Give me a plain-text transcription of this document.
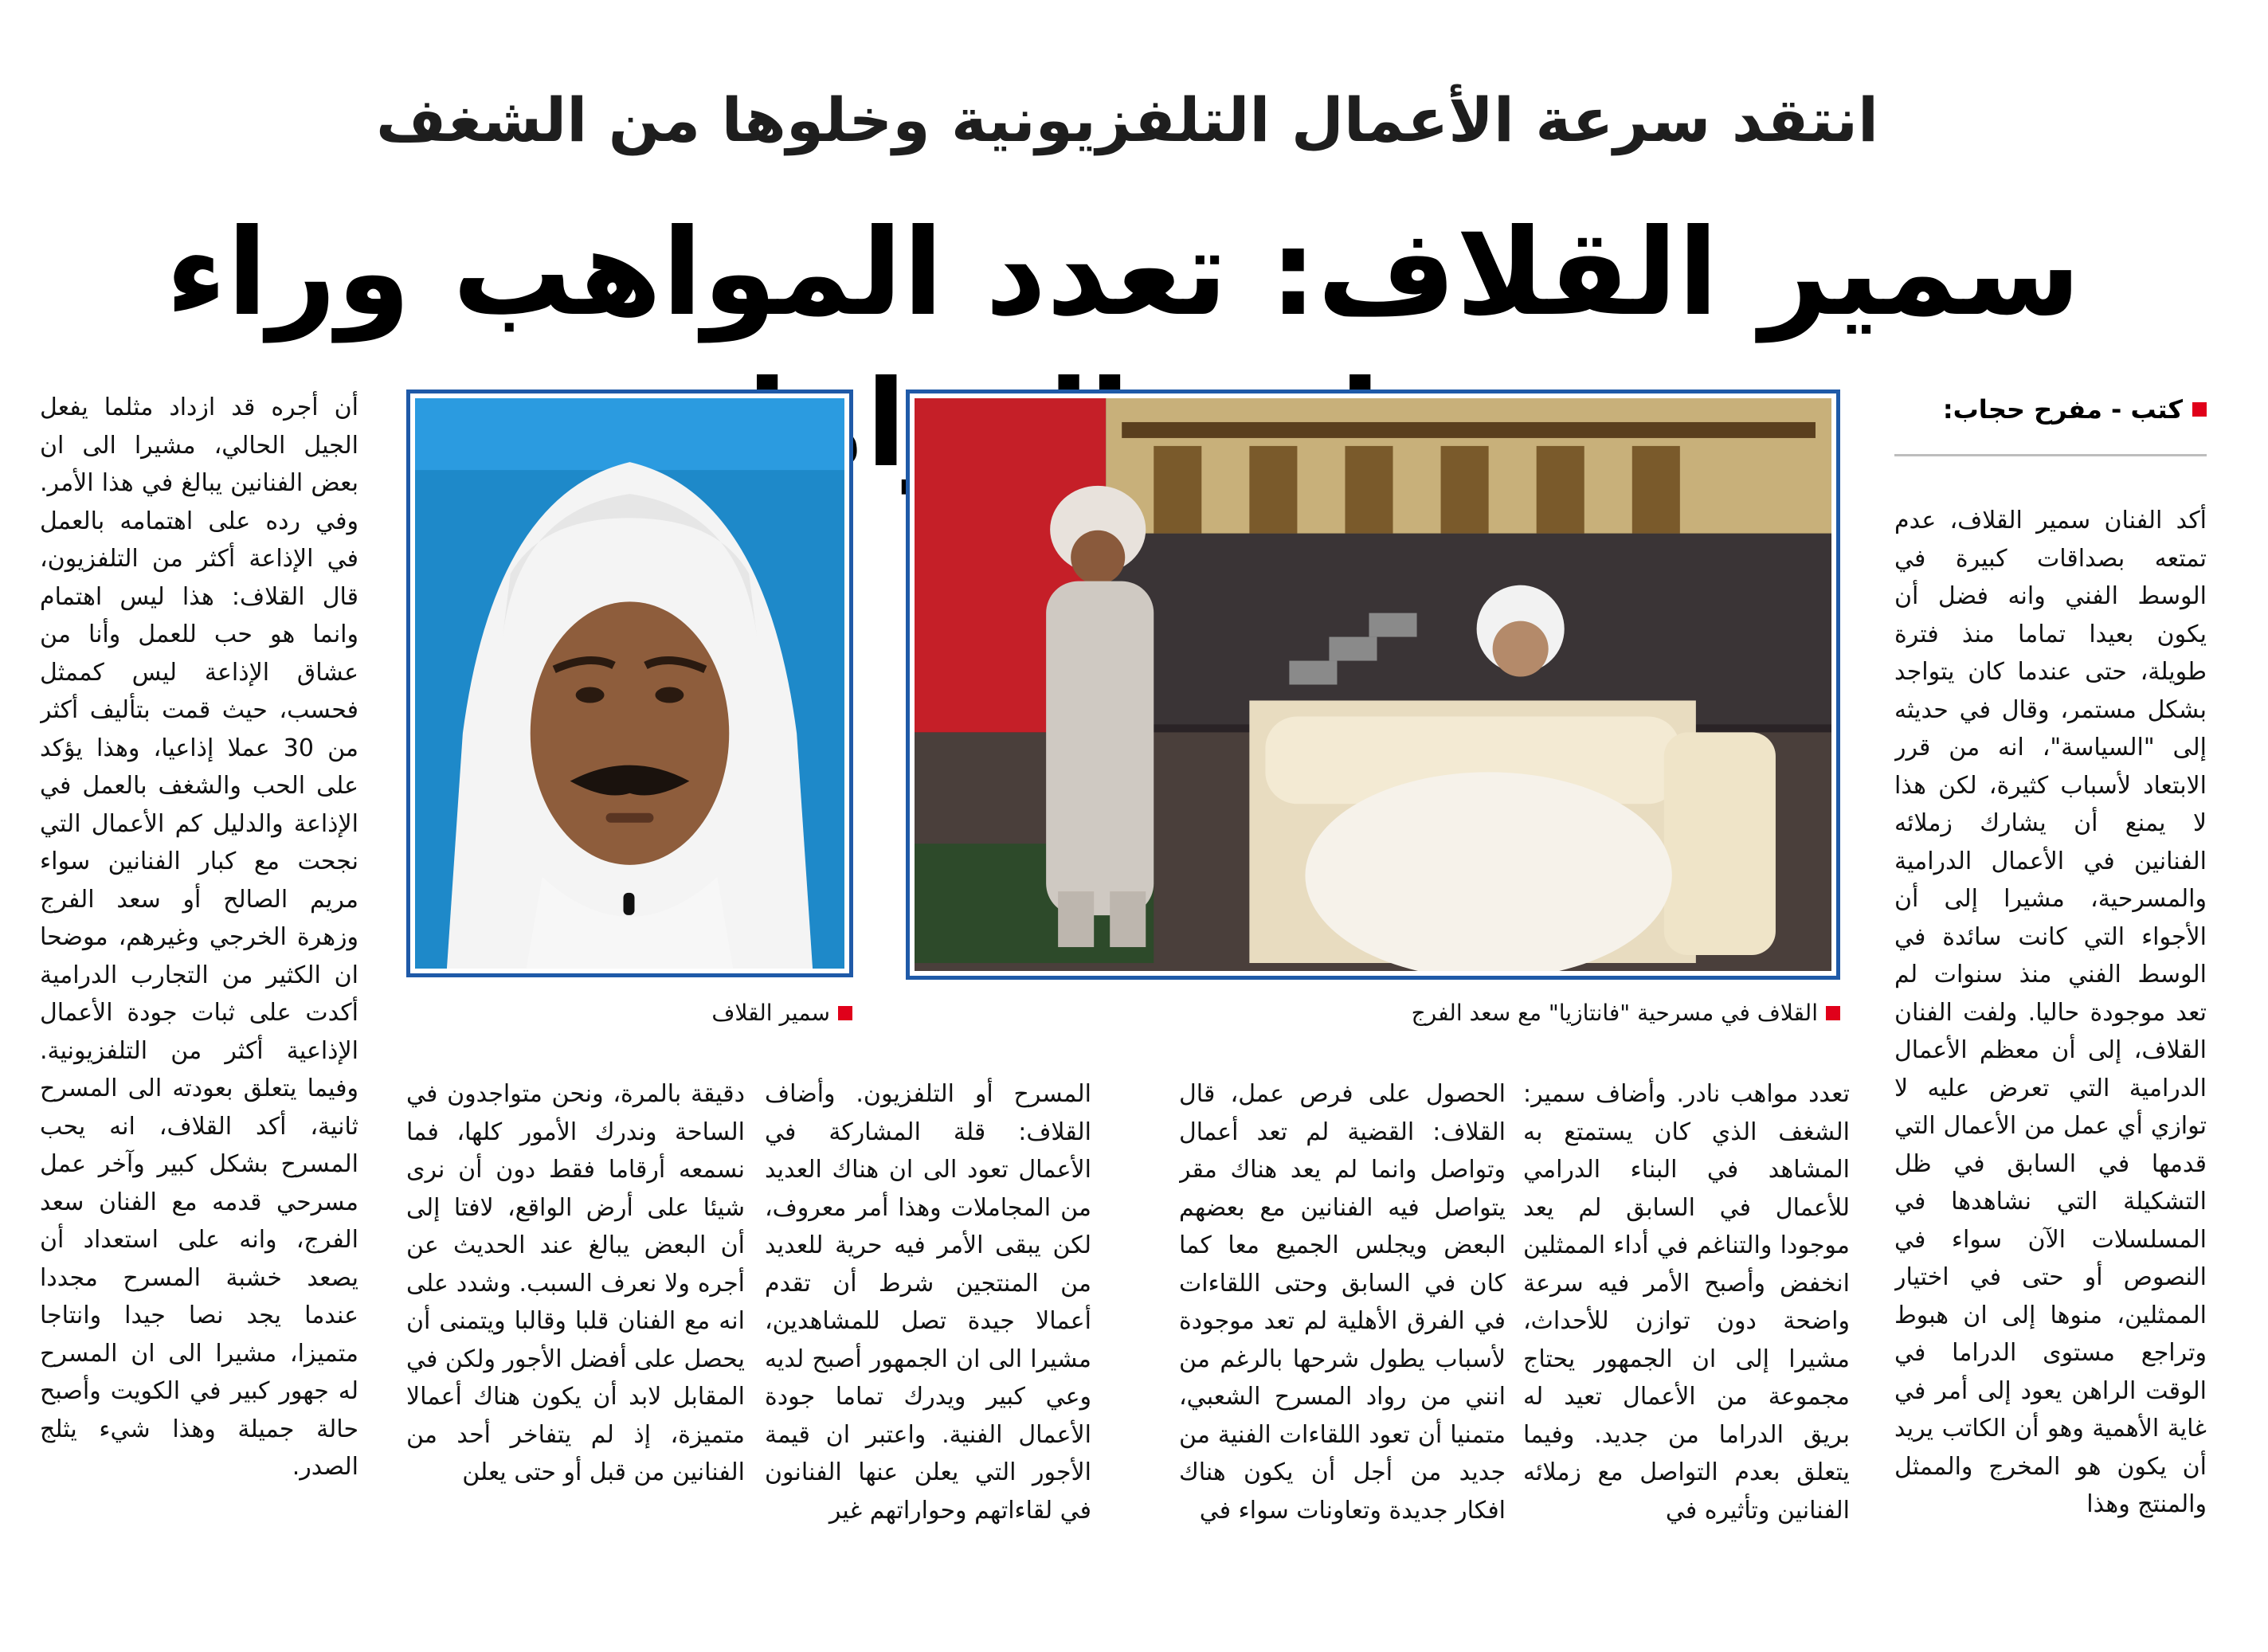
انتقد سرعة الأعمال التلفزيونية وخلوها من الشغف
سمير القلاف: تعدد المواهب وراء
كتب - مفرح حجاب:
القلاف في مسرحية "فانتازيا" مع سعد الفرج
سمير القلاف

أكد الفنان سمير القلاف، عدم تمتعه بصداقات كبيرة في الوسط الفني وانه فضل أن يكون بعيدا تماما منذ فترة طويلة، حتى عندما كان يتواجد بشكل مستمر، وقال في حديثه إلى "السياسة"، انه من قرر الابتعاد لأسباب كثيرة، لكن هذا لا يمنع أن يشارك زملائه الفنانين في الأعمال الدرامية والمسرحية، مشيرا إلى أن الأجواء التي كانت سائدة في الوسط الفني منذ سنوات لم تعد موجودة حاليا. ولفت الفنان القلاف، إلى أن معظم الأعمال الدرامية التي تعرض عليه لا توازي أي عمل من الأعمال التي قدمها في السابق في ظل التشكيلة التي نشاهدها في المسلسلات الآن سواء في النصوص أو حتى في اختيار الممثلين، منوها إلى ان هبوط وتراجع مستوى الدراما في الوقت الراهن يعود إلى أمر في غاية الأهمية وهو أن الكاتب يريد أن يكون هو المخرج والممثل والمنتج وهذا

تعدد مواهب نادر. وأضاف سمير: الشغف الذي كان يستمتع به المشاهد في البناء الدرامي للأعمال في السابق لم يعد موجودا والتناغم في أداء الممثلين انخفض وأصبح الأمر فيه سرعة واضحة دون توازن للأحداث، مشيرا إلى ان الجمهور يحتاج مجموعة من الأعمال تعيد له بريق الدراما من جديد. وفيما يتعلق بعدم التواصل مع زملائه الفنانين وتأثيره في

الحصول على فرص عمل، قال القلاف: القضية لم تعد أعمال وتواصل وانما لم يعد هناك مقر يتواصل فيه الفنانين مع بعضهم البعض ويجلس الجميع معا كما كان في السابق وحتى اللقاءات في الفرق الأهلية لم تعد موجودة لأسباب يطول شرحها بالرغم من انني من رواد المسرح الشعبي، متمنيا أن تعود اللقاءات الفنية من جديد من أجل أن يكون هناك افكار جديدة وتعاونات سواء في

المسرح أو التلفزيون. وأضاف القلاف: قلة المشاركة في الأعمال تعود الى ان هناك العديد من المجاملات وهذا أمر معروف، لكن يبقى الأمر فيه حرية للعديد من المنتجين شرط أن تقدم أعمالا جيدة تصل للمشاهدين، مشيرا الى ان الجمهور أصبح لديه وعي كبير ويدرك تماما جودة الأعمال الفنية. واعتبر ان قيمة الأجور التي يعلن عنها الفنانون في لقاءاتهم وحواراتهم غير

دقيقة بالمرة، ونحن متواجدون في الساحة وندرك الأمور كلها، فما نسمعه أرقاما فقط دون أن نرى شيئا على أرض الواقع، لافتا إلى أن البعض يبالغ عند الحديث عن أجره ولا نعرف السبب. وشدد على انه مع الفنان قلبا وقالبا ويتمنى أن يحصل على أفضل الأجور ولكن في المقابل لابد أن يكون هناك أعمالا متميزة، إذ لم يتفاخر أحد من الفنانين من قبل أو حتى يعلن

أن أجره قد ازداد مثلما يفعل الجيل الحالي، مشيرا الى ان بعض الفنانين يبالغ في هذا الأمر. وفي رده على اهتمامه بالعمل في الإذاعة أكثر من التلفزيون، قال القلاف: هذا ليس اهتمام وانما هو حب للعمل وأنا من عشاق الإذاعة ليس كممثل فحسب، حيث قمت بتأليف أكثر من 30 عملا إذاعيا، وهذا يؤكد على الحب والشغف بالعمل في الإذاعة والدليل كم الأعمال التي نجحت مع كبار الفنانين سواء مريم الصالح أو سعد الفرج وزهرة الخرجي وغيرهم، موضحا ان الكثير من التجارب الدرامية أكدت على ثبات جودة الأعمال الإذاعية أكثر من التلفزيونية. وفيما يتعلق بعودته الى المسرح ثانية، أكد القلاف، انه يحب المسرح بشكل كبير وآخر عمل مسرحي قدمه مع الفنان سعد الفرج، وانه على استعداد أن يصعد خشبة المسرح مجددا عندما يجد نصا جيدا وانتاجا متميزا، مشيرا الى ان المسرح له جهور كبير في الكويت وأصبح حالة جميلة وهذا شيء يثلج الصدر.
